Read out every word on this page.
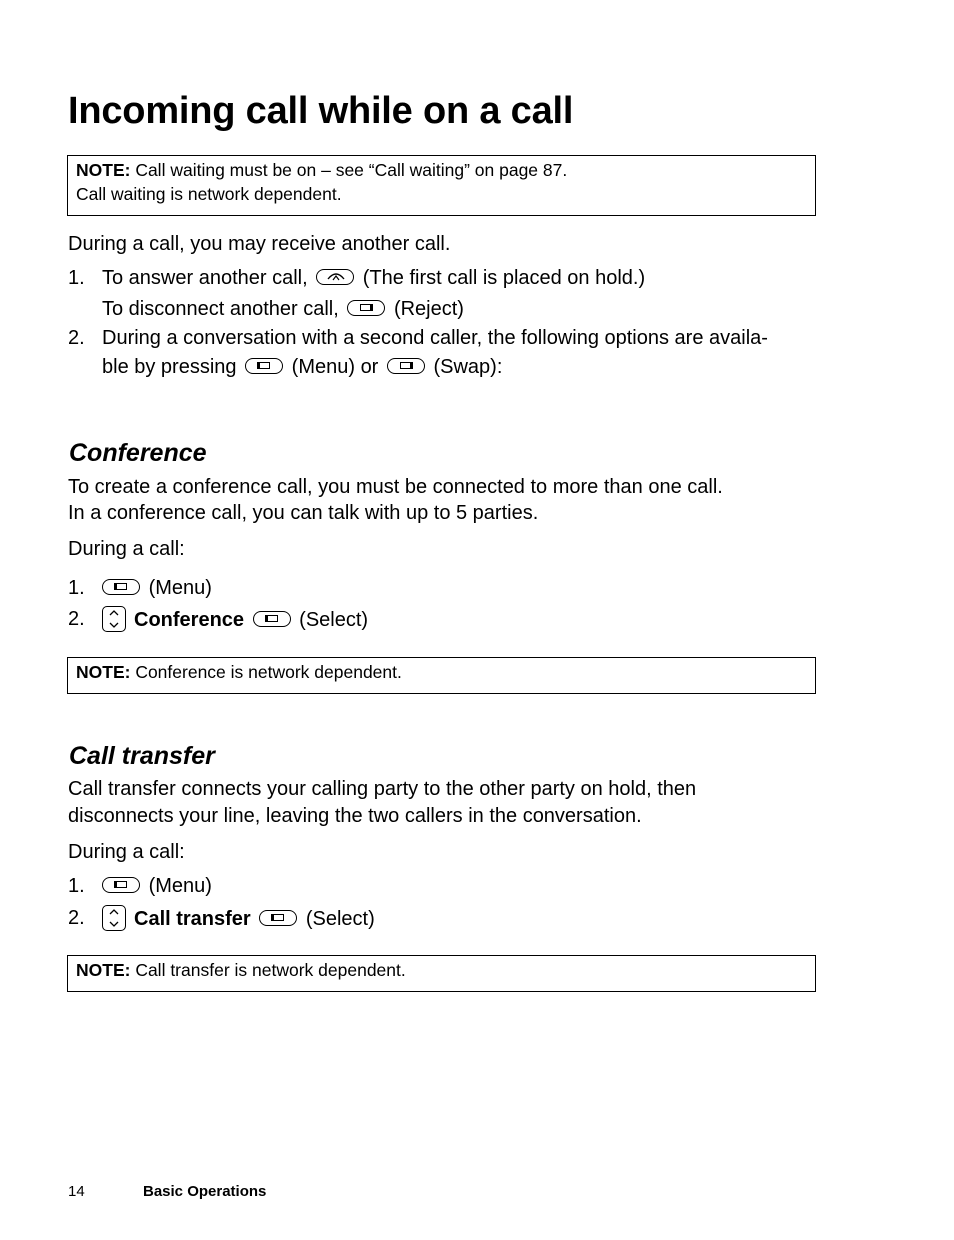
Incoming call while on a call
NOTE: Call waiting must be on – see “Call waiting” on page 87.
Call waiting is network dependent.
During a call, you may receive another call.
1. To answer another call,	(The first call is placed on hold.)
To disconnect another call,	(Reject)
2. During a conversation with a second caller, the following options are availa-
ble by pressing	(Menu) or	(Swap):
Conference
To create a conference call, you must be connected to more than one call.
In a conference call, you can talk with up to 5 parties.
During a call:
1.	(Menu)
2.	Conference	(Select)
NOTE: Conference is network dependent.
Call transfer
Call transfer connects your calling party to the other party on hold, then
disconnects your line, leaving the two callers in the conversation.
During a call:
1.	(Menu)
2.	Call transfer	(Select)
NOTE: Call transfer is network dependent.
14	Basic Operations
